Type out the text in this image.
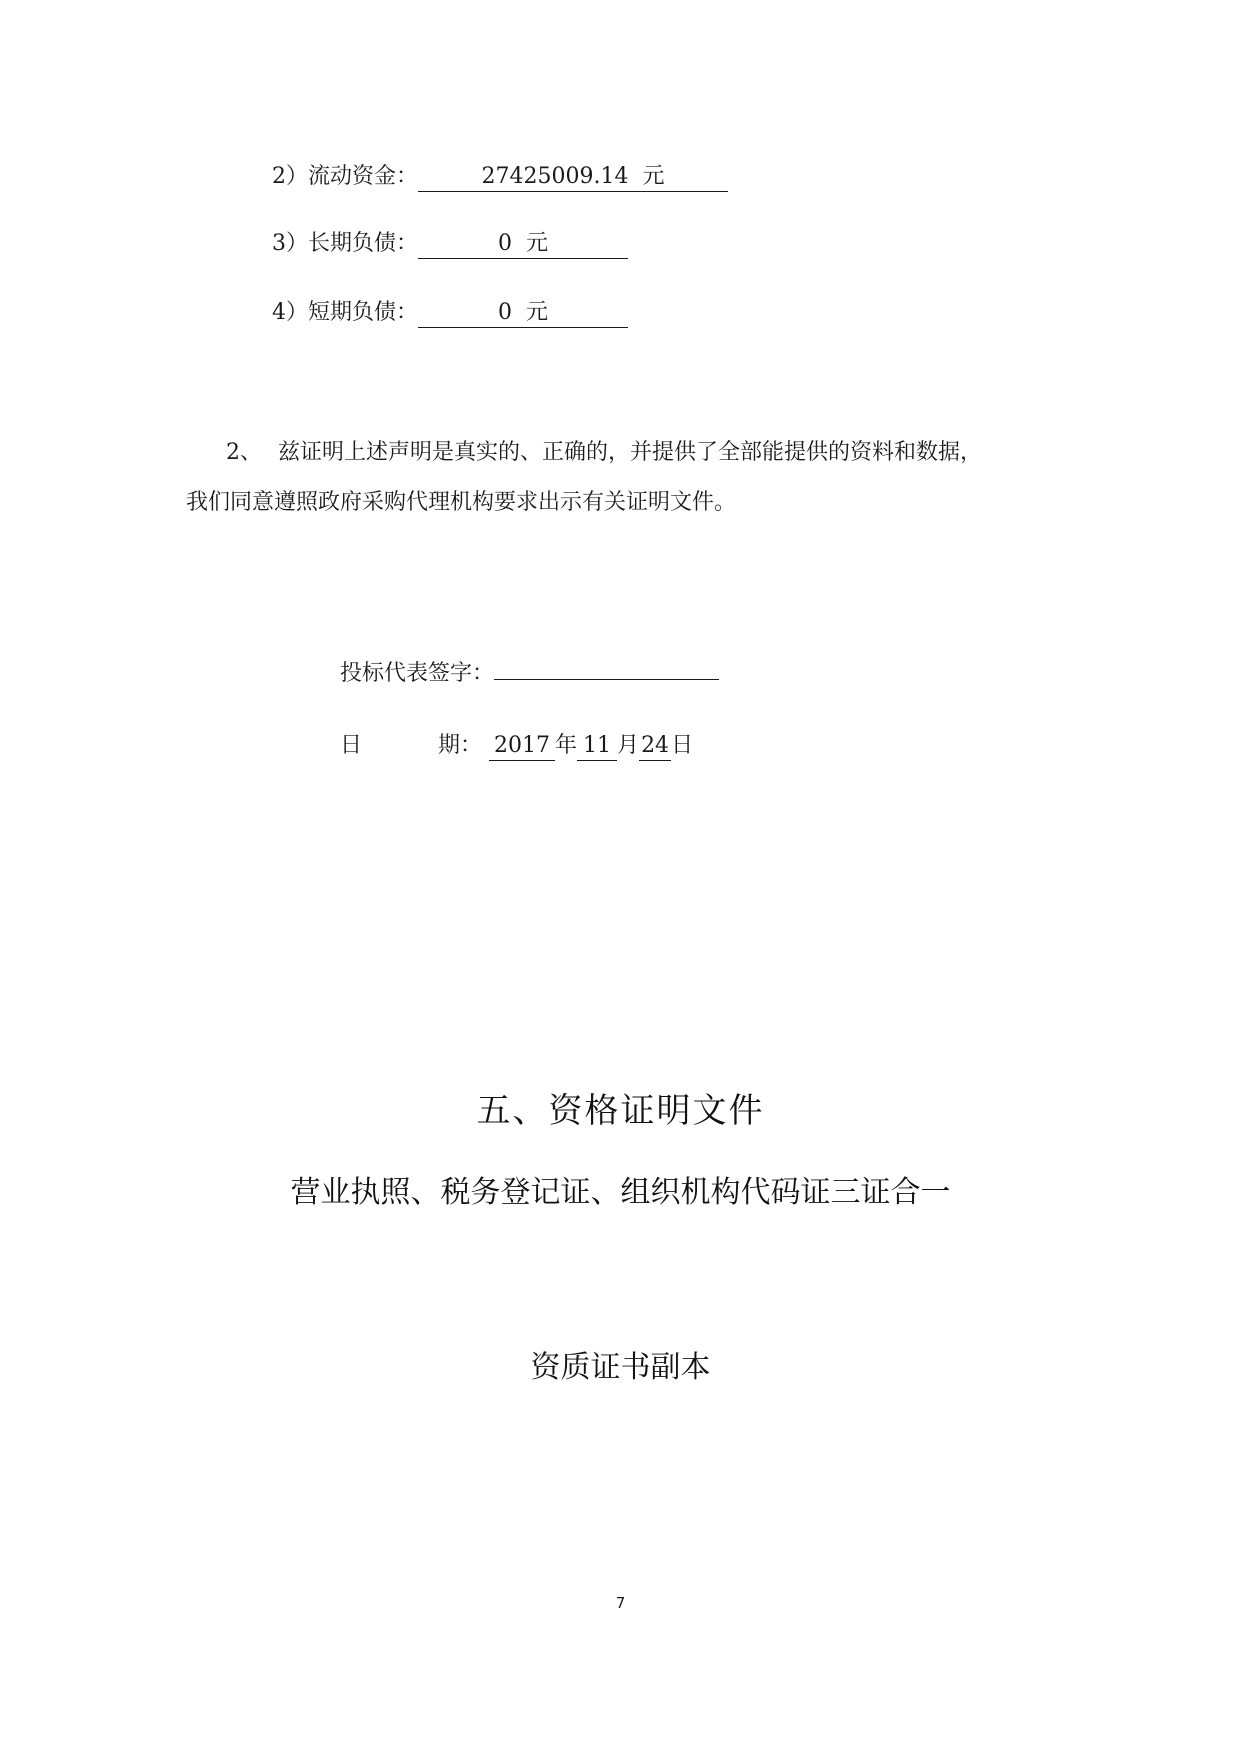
2）流动资金：	27425009.14 元
3）长期负债：	0 元
4）短期负债：	0 元
2、 兹证明上述声明是真实的、正确的，并提供了全部能提供的资料和数据，
我们同意遵照政府采购代理机构要求出示有关证明文件。
投标代表签字：
日	期： 2017 年 11 月24日
五、资格证明文件
营业执照、税务登记证、组织机构代码证三证合一
资质证书副本
7
